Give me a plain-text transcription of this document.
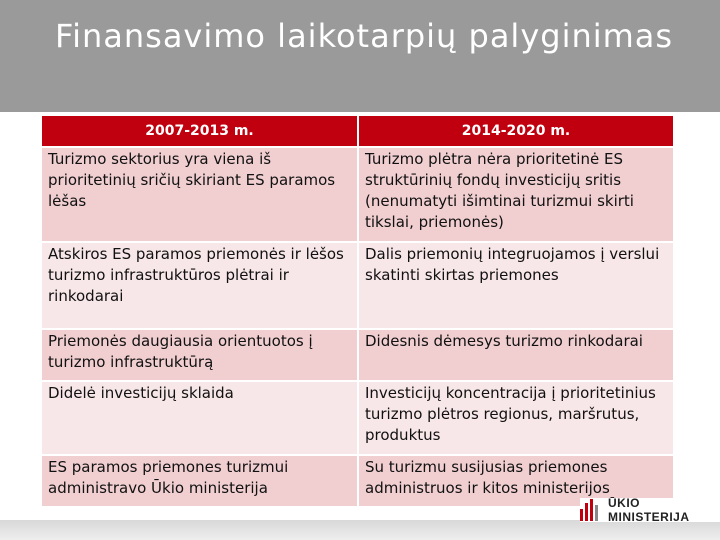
Finansavimo laikotarpių palyginimas
2007-2013 m.	2014-2020 m.
Turizmo sektorius yra viena iš prioritetinių sričių skiriant ES paramos lėšas	Turizmo plėtra nėra prioritetinė ES struktūrinių fondų investicijų sritis (nenumatyti išimtinai turizmui skirti tikslai, priemonės)
Atskiros ES paramos priemonės ir lėšos turizmo infrastruktūros plėtrai ir rinkodarai	Dalis priemonių integruojamos į verslui skatinti skirtas priemones
Priemonės daugiausia orientuotos į turizmo infrastruktūrą	Didesnis dėmesys turizmo rinkodarai
Didelė investicijų sklaida	Investicijų koncentracija į prioritetinius turizmo plėtros regionus, maršrutus, produktus
ES paramos priemones turizmui administravo Ūkio ministerija	Su turizmu susijusias priemones administruos ir kitos ministerijos
ŪKIO MINISTERIJA
